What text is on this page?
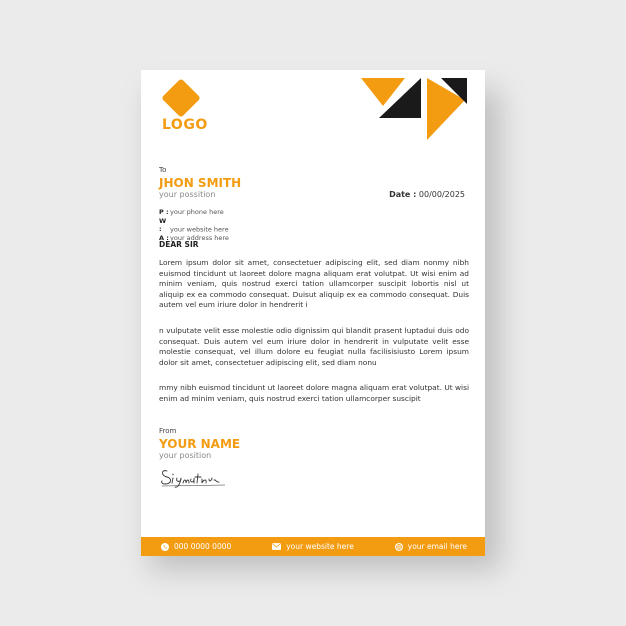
LOGO
To
JHON SMITH
your possition	Date : 00/00/2025
P :your phone here
W : your website here
A :your address here
DEAR SIR

Lorem ipsum dolor sit amet, consectetuer adipiscing elit, sed diam nonmy nibh euismod tincidunt ut laoreet dolore magna aliquam erat volutpat. Ut wisi enim ad minim veniam, quis nostrud exerci tation ullamcorper suscipit lobortis nisl ut aliquip ex ea commodo consequat. Duisut aliquip ex ea commodo consequat. Duis autem vel eum iriure dolor in hendrerit i

n vulputate velit esse molestie odio dignissim qui blandit prasent luptadui duis odo consequat. Duis autem vel eum iriure dolor in hendrerit in vulputate velit esse molestie consequat, vel illum dolore eu feugiat nulla facilisisiusto Lorem ipsum dolor sit amet, consectetuer adipiscing elit, sed diam nonu

mmy nibh euismod tincidunt ut laoreet dolore magna aliquam erat volutpat. Ut wisi enim ad minim veniam, quis nostrud exerci tation ullamcorper suscipit

From
YOUR NAME
your position
000 0000 0000	your website here	your email here
